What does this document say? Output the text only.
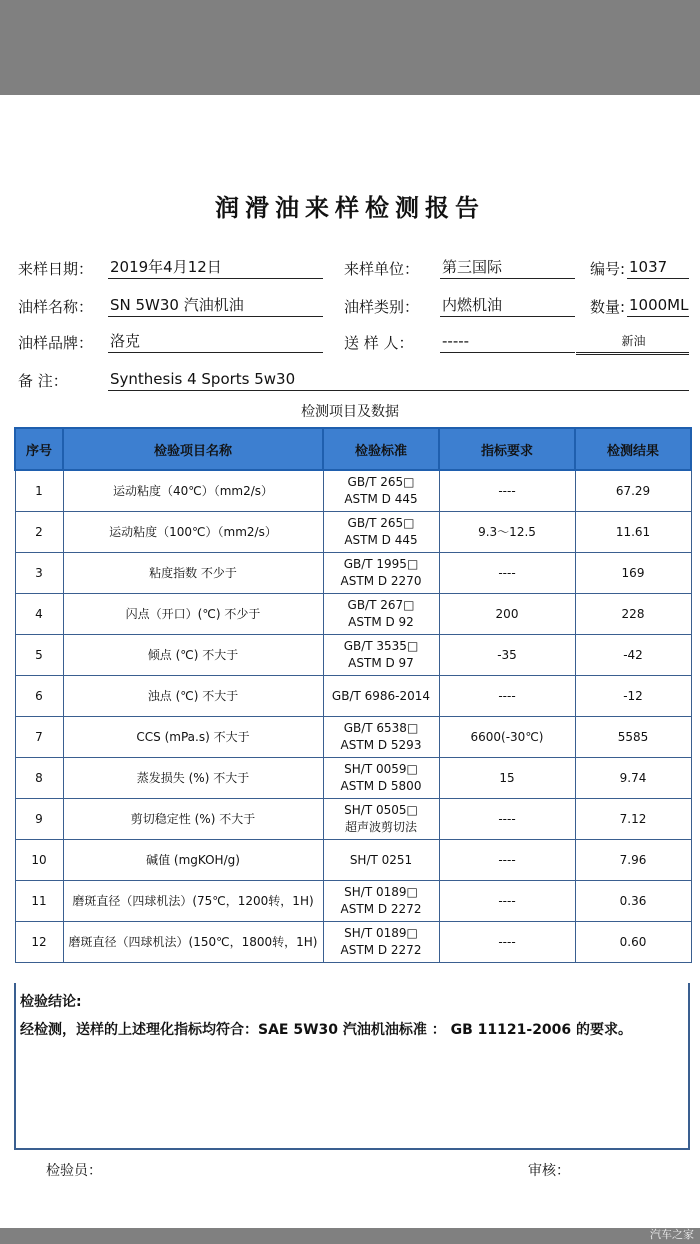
润滑油来样检测报告
来样日期： 2019年4月12日	来样单位： 第三国际	编号: 1037
油样名称： SN 5W30 汽油机油	油样类别： 内燃机油	数量: 1000ML
油样品牌： 洛克	送 样 人： -----	新油
备 注：	Synthesis 4 Sports 5w30
检测项目及数据
序号	检验项目名称	检验标准	指标要求	检测结果
1	运动粘度（40℃）（mm2/s）	GB/T 265□
ASTM D 445	----	67.29
2	运动粘度（100℃）（mm2/s）	GB/T 265□
ASTM D 445	9.3～12.5	11.61
3	粘度指数 不少于	GB/T 1995□
ASTM D 2270	----	169
4	闪点（开口）(℃) 不少于	GB/T 267□
ASTM D 92	200	228
5	倾点 (℃) 不大于	GB/T 3535□
ASTM D 97	-35	-42
6	浊点 (℃) 不大于	GB/T 6986-2014	----	-12
7	CCS (mPa.s) 不大于	GB/T 6538□
ASTM D 5293	6600(-30℃)	5585
8	蒸发损失 (%) 不大于	SH/T 0059□
ASTM D 5800	15	9.74
9	剪切稳定性 (%) 不大于	SH/T 0505□
超声波剪切法	----	7.12
10	碱值 (mgKOH/g)	SH/T 0251	----	7.96
11	磨斑直径（四球机法）(75℃，1200转，1H)	SH/T 0189□
ASTM D 2272	----	0.36
12	磨斑直径（四球机法）(150℃，1800转，1H)	SH/T 0189□
ASTM D 2272	----	0.60
检验结论:
经检测，送样的上述理化指标均符合：SAE 5W30 汽油机油标准 ： GB 11121-2006 的要求。
检验员：	审核：
汽车之家
